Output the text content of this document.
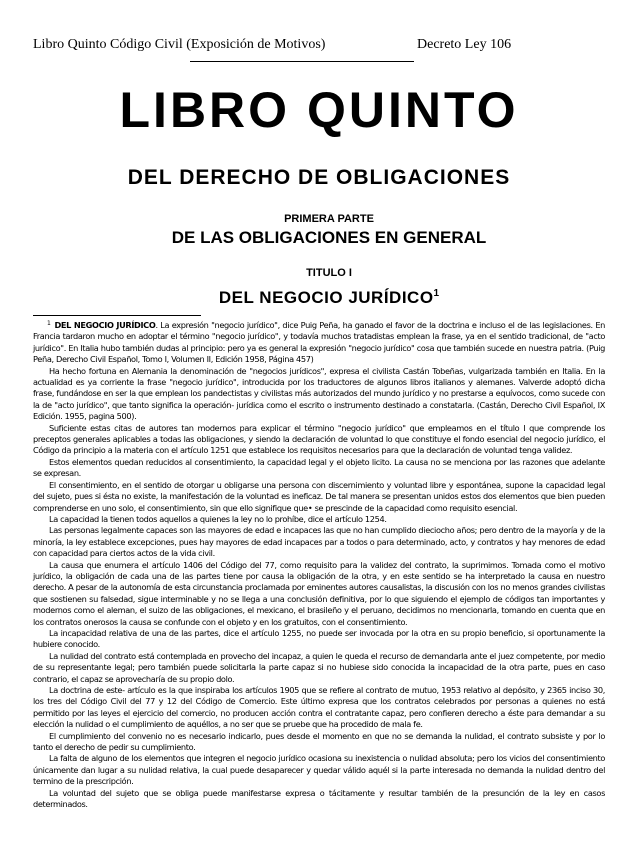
Libro Quinto Código Civil (Exposición de Motivos)	Decreto Ley 106
LIBRO QUINTO
DEL DERECHO DE OBLIGACIONES
PRIMERA PARTE
DE LAS OBLIGACIONES EN GENERAL
TITULO I
DEL NEGOCIO JURÍDICO$^1$

$^1$ DEL NEGOCIO JURÍDICO. La expresión "negocio jurídico", dice Puig Peña, ha ganado el favor de la doctrina e incluso el de las legislaciones. En Francia tardaron mucho en adoptar el término "negocio jurídico", y todavía muchos tratadistas emplean la frase, ya en el sentido tradicional, de "acto jurídico". En Italia hubo también dudas al principio: pero ya es general la expresión "negocio jurídico" cosa que también sucede en nuestra patria. (Puig Peña, Derecho Civil Español, Tomo I, Volumen II, Edición 1958, Página 457)

Ha hecho fortuna en Alemania la denominación de "negocios jurídicos", expresa el civilista Castán Tobeñas, vulgarizada también en Italia. En la actualidad es ya corriente la frase "negocio jurídico", introducida por los traductores de algunos libros italianos y alemanes. Valverde adoptó dicha frase, fundándose en ser la que emplean los pandectistas y civilistas más autorizados del mundo jurídico y no prestarse a equívocos, como sucede con la de "acto jurídico", que tanto significa la operación- jurídica como el escrito o instrumento destinado a constatarla. (Castán, Derecho Civil Español, IX Edición. 1955, pagina 500).

Suficiente estas citas de autores tan modernos para explicar el término "negocio jurídico" que empleamos en el título I que comprende los preceptos generales aplicables a todas las obligaciones, y siendo la declaración de voluntad lo que constituye el fondo esencial del negocio jurídico, el Código da principio a la materia con el artículo 1251 que establece los requisitos necesarios para que la declaración de voluntad tenga validez.

Estos elementos quedan reducidos al consentimiento, la capacidad legal y el objeto licito. La causa no se menciona por las razones que adelante se expresan.

El consentimiento, en el sentido de otorgar u obligarse una persona con discernimiento y voluntad libre y espontánea, supone la capacidad legal del sujeto, pues si ésta no existe, la manifestación de la voluntad es ineficaz. De tal manera se presentan unidos estos dos elementos que bien pueden comprenderse en uno solo, el consentimiento, sin que ello signifique que• se prescinde de la capacidad como requisito esencial.

La capacidad la tienen todos aquellos a quienes la ley no lo prohíbe, dice el artículo 1254.

Las personas legalmente capaces son las mayores de edad e incapaces las que no han cumplido dieciocho años; pero dentro de la mayoría y de la minoría, la ley establece excepciones, pues hay mayores de edad incapaces par a todos o para determinado, acto, y contratos y hay menores de edad con capacidad para ciertos actos de la vida civil.

La causa que enumera el artículo 1406 del Código del 77, como requisito para la validez del contrato, la suprimimos. Tomada como el motivo jurídico, la obligación de cada una de las partes tiene por causa la obligación de la otra, y en este sentido se ha interpretado la causa en nuestro derecho. A pesar de la autonomía de esta circunstancia proclamada por eminentes autores causalistas, la discusión con los no menos grandes civilistas que sostienen su falsedad, sigue interminable y no se llega a una conclusión definitiva, por lo que siguiendo el ejemplo de códigos tan importantes y modernos como el aleman, el suizo de las obligaciones, el mexicano, el brasileño y el peruano, decidimos no mencionarla, tomando en cuenta que en los contratos onerosos la causa se confunde con el objeto y en los gratuitos, con el consentimiento.

La incapacidad relativa de una de las partes, dice el artículo 1255, no puede ser invocada por la otra en su propio beneficio, si oportunamente la hubiere conocido.

La nulidad del contrato está contemplada en provecho del incapaz, a quien le queda el recurso de demandarla ante el juez competente, por medio de su representante legal; pero también puede solicitarla la parte capaz si no hubiese sido conocida la incapacidad de la otra parte, pues en caso contrario, el capaz se aprovecharía de su propio dolo.

La doctrina de este- artículo es la que inspiraba los artículos 1905 que se refiere al contrato de mutuo, 1953 relativo al depósito, y 2365 inciso 30, los tres del Código Civil del 77 y 12 del Código de Comercio. Este último expresa que los contratos celebrados por personas a quienes no está permitido por las leyes el ejercicio del comercio, no producen acción contra el contratante capaz, pero confieren derecho a éste para demandar a su elección la nulidad o el cumplimiento de aquéllos, a no ser que se pruebe que ha procedido de mala fe.

El cumplimiento del convenio no es necesario indicarlo, pues desde el momento en que no se demanda la nulidad, el contrato subsiste y por lo tanto el derecho de pedir su cumplimiento.

La falta de alguno de los elementos que integren el negocio jurídico ocasiona su inexistencia o nulidad absoluta; pero los vicios del consentimiento únicamente dan lugar a su nulidad relativa, la cual puede desaparecer y quedar válido aquél si la parte interesada no demanda la nulidad dentro del termino de la prescripción.

La voluntad del sujeto que se obliga puede manifestarse expresa o tácitamente y resultar también de la presunción de la ley en casos determinados.
